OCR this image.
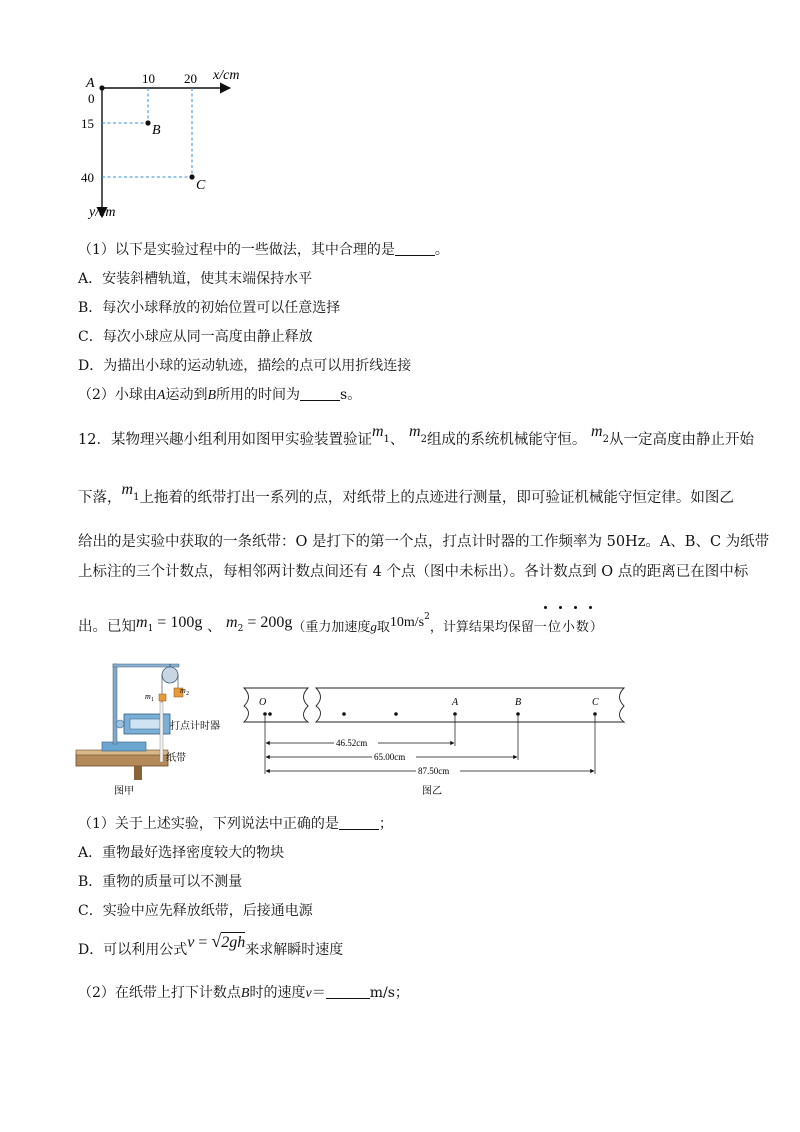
A
0
10 20 x/cm
15
40
B
C
y/cm
（1）以下是实验过程中的一些做法，其中合理的是	。
A．安装斜槽轨道，使其末端保持水平
B．每次小球释放的初始位置可以任意选择
C．每次小球应从同一高度由静止释放
D．为描出小球的运动轨迹，描绘的点可以用折线连接
（2）小球由A运动到B所用的时间为	s。
12．某物理兴趣小组利用如图甲实验装置验证$m_1$、 $m_2$组成的系统机械能守恒。 $m_2$从一定高度由静止开始
下落，$m_1$上拖着的纸带打出一系列的点，对纸带上的点迹进行测量，即可验证机械能守恒定律。如图乙
给出的是实验中获取的一条纸带：O 是打下的第一个点，打点计时器的工作频率为 50Hz。A、B、C 为纸带
上标注的三个计数点，每相邻两计数点间还有 4 个点（图中未标出）。各计数点到 O 点的距离已在图中标
出。已知$m_1 = 100g$ 、 $m_2 = 200g$（重力加速度g取$10m/s^2$，计算结果均保留一位小数）
m 1
m 2
打点计时器
纸带
图甲
O	A	B	C
46.52cm
65.00cm
87.50cm
图乙
（1）关于上述实验，下列说法中正确的是	；
A．重物最好选择密度较大的物块
B．重物的质量可以不测量
C．实验中应先释放纸带，后接通电源
D．可以利用公式v = √2gh来求解瞬时速度
（2）在纸带上打下计数点B时的速度v＝	m/s；
